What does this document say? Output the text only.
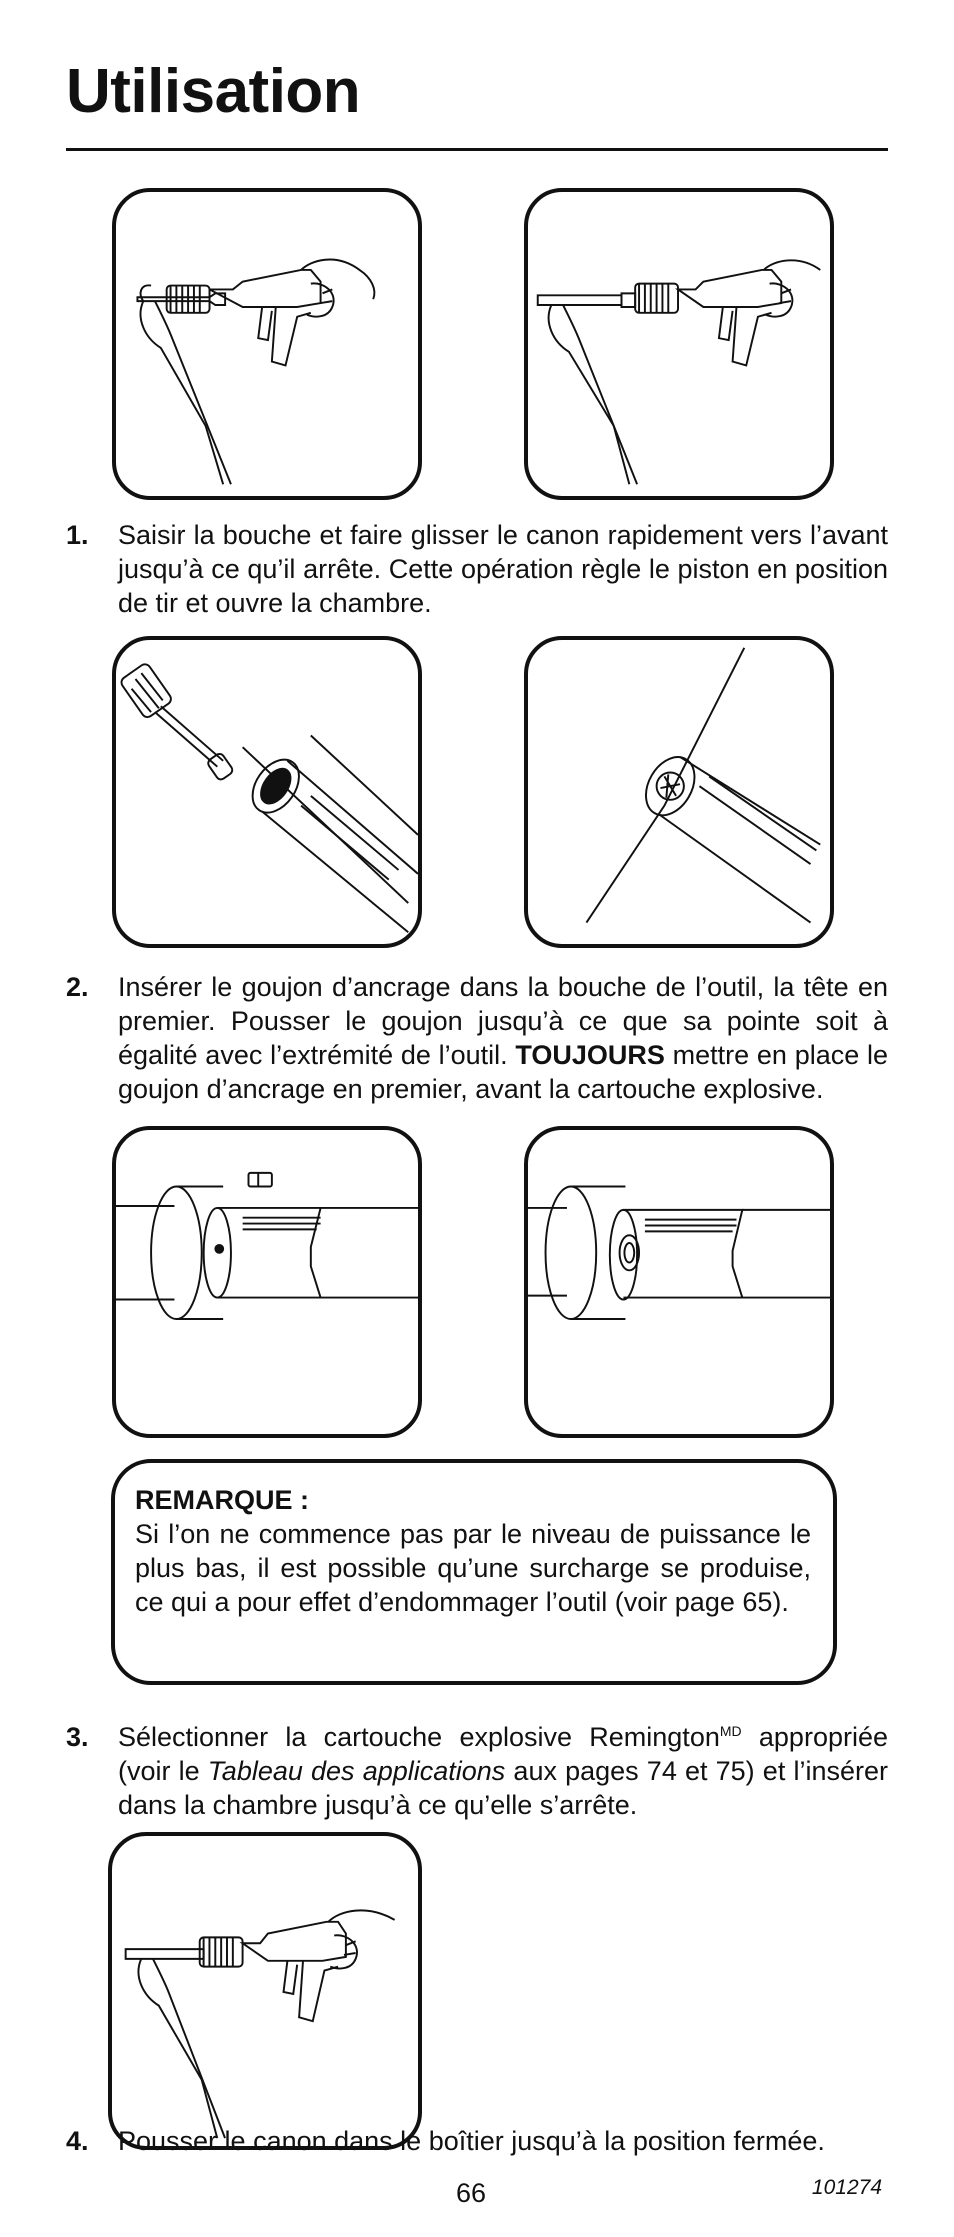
Utilisation
1. Saisir la bouche et faire glisser le canon rapidement vers l’avant jusqu’à ce qu’il arrête. Cette opération règle le piston en position de tir et ouvre la chambre.
2. Insérer le goujon d’ancrage dans la bouche de l’outil, la tête en premier. Pousser le goujon jusqu’à ce que sa pointe soit à égalité avec l’extrémité de l’outil. TOUJOURS mettre en place le goujon d’ancrage en premier, avant la cartouche explosive.
REMARQUE :
Si l’on ne commence pas par le niveau de puissance le plus bas, il est possible qu’une surcharge se produise, ce qui a pour effet d’endommager l’outil (voir page 65).
3. Sélectionner la cartouche explosive Remington$^{MD}$ appropriée (voir le Tableau des applications aux pages 74 et 75) et l’insérer dans la chambre jusqu’à ce qu’elle s’arrête.
4. Pousser le canon dans le boîtier jusqu’à la position fermée.
66	101274
